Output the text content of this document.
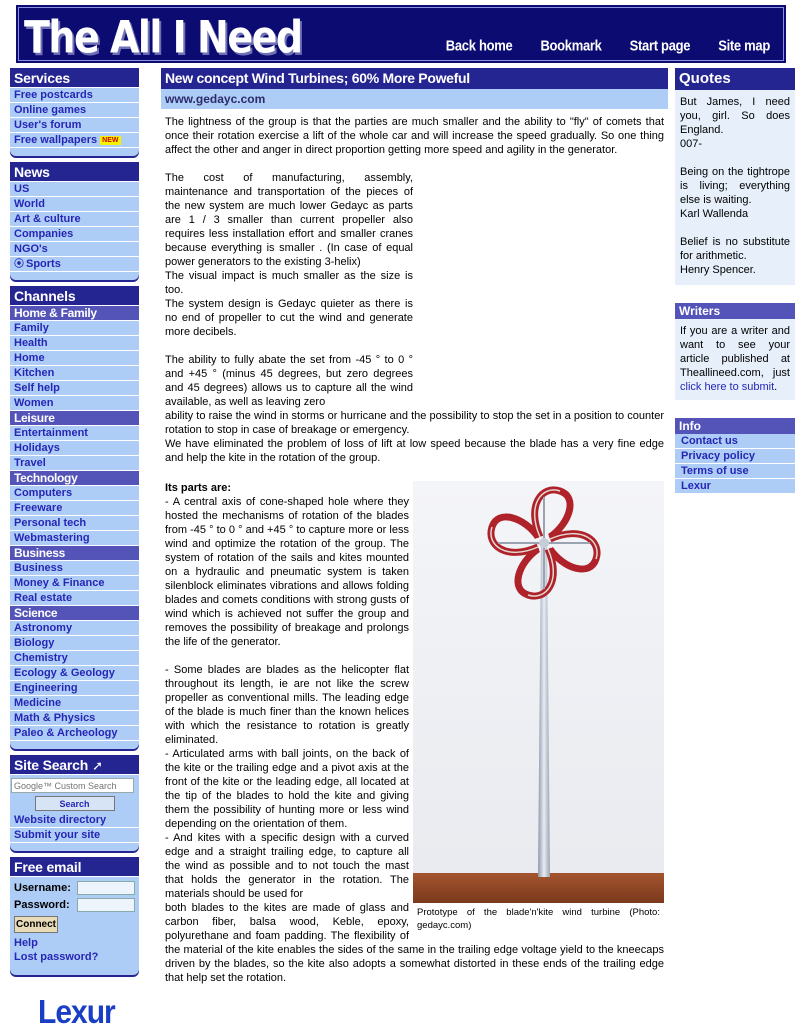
The All I Need	Back home	Bookmark	Start page	Site map
Services
Free postcards
Online games
User's forum
Free wallpapers NEW
News
US
World
Art & culture
Companies
NGO's
⦿ Sports
Channels
Home & Family
Family
Health
Home
Kitchen
Self help
Women
Leisure
Entertainment
Holidays
Travel
Technology
Computers
Freeware
Personal tech
Webmastering
Business
Business
Money & Finance
Real estate
Science
Astronomy
Biology
Chemistry
Ecology & Geology
Engineering
Medicine
Math & Physics
Paleo & Archeology
Site Search ➚
Google™ Custom Search
Search
Website directory
Submit your site
Free email
Username:
Password:
Connect
Help
Lost password?
Lexur
New concept Wind Turbines; 60% More Poweful
www.gedayc.com

The lightness of the group is that the parties are much smaller and the ability to "fly" of comets that once their rotation exercise a lift of the whole car and will increase the speed gradually. So one thing affect the other and anger in direct proportion getting more speed and agility in the generator.

The cost of manufacturing, assembly, maintenance and transportation of the pieces of the new system are much lower Gedayc as parts are 1 / 3 smaller than current propeller also requires less installation effort and smaller cranes because everything is smaller . (In case of equal power generators to the existing 3-helix)

The visual impact is much smaller as the size is too.

The system design is Gedayc quieter as there is no end of propeller to cut the wind and generate more decibels.

The ability to fully abate the set from -45 ° to 0 ° and +45 ° (minus 45 degrees, but zero degrees and 45 degrees) allows us to capture all the wind available, as well as leaving zero

ability to raise the wind in storms or hurricane and the possibility to stop the set in a position to counter rotation to stop in case of breakage or emergency.

We have eliminated the problem of loss of lift at low speed because the blade has a very fine edge and help the kite in the rotation of the group.

Prototype of the blade'n'kite wind turbine (Photo: gedayc.com)

Its parts are:

- A central axis of cone-shaped hole where they hosted the mechanisms of rotation of the blades from -45 ° to 0 ° and +45 ° to capture more or less wind and optimize the rotation of the group. The system of rotation of the sails and kites mounted on a hydraulic and pneumatic system is taken silenblock eliminates vibrations and allows folding blades and comets conditions with strong gusts of wind which is achieved not suffer the group and removes the possibility of breakage and prolongs the life of the generator.

- Some blades are blades as the helicopter flat throughout its length, ie are not like the screw propeller as conventional mills. The leading edge of the blade is much finer than the known helices with which the resistance to rotation is greatly eliminated.

- Articulated arms with ball joints, on the back of the kite or the trailing edge and a pivot axis at the front of the kite or the leading edge, all located at the tip of the blades to hold the kite and giving them the possibility of hunting more or less wind depending on the orientation of them.

- And kites with a specific design with a curved edge and a straight trailing edge, to capture all the wind as possible and to not touch the mast that holds the generator in the rotation. The materials should be used for

both blades to the kites are made of glass and carbon fiber, balsa wood, Keble, epoxy, polyurethane and foam padding. The flexibility of the material of the kite enables the sides of the same in the trailing edge voltage yield to the kneecaps driven by the blades, so the kite also adopts a somewhat distorted in these ends of the trailing edge that help set the rotation.

Quotes
But James, I need you, girl. So does England.
007-
Being on the tightrope is living; everything else is waiting.
Karl Wallenda
Belief is no substitute for arithmetic.
Henry Spencer.
Writers
If you are a writer and want to see your article published at Theallineed.com, just click here to submit.
Info
Contact us
Privacy policy
Terms of use
Lexur
